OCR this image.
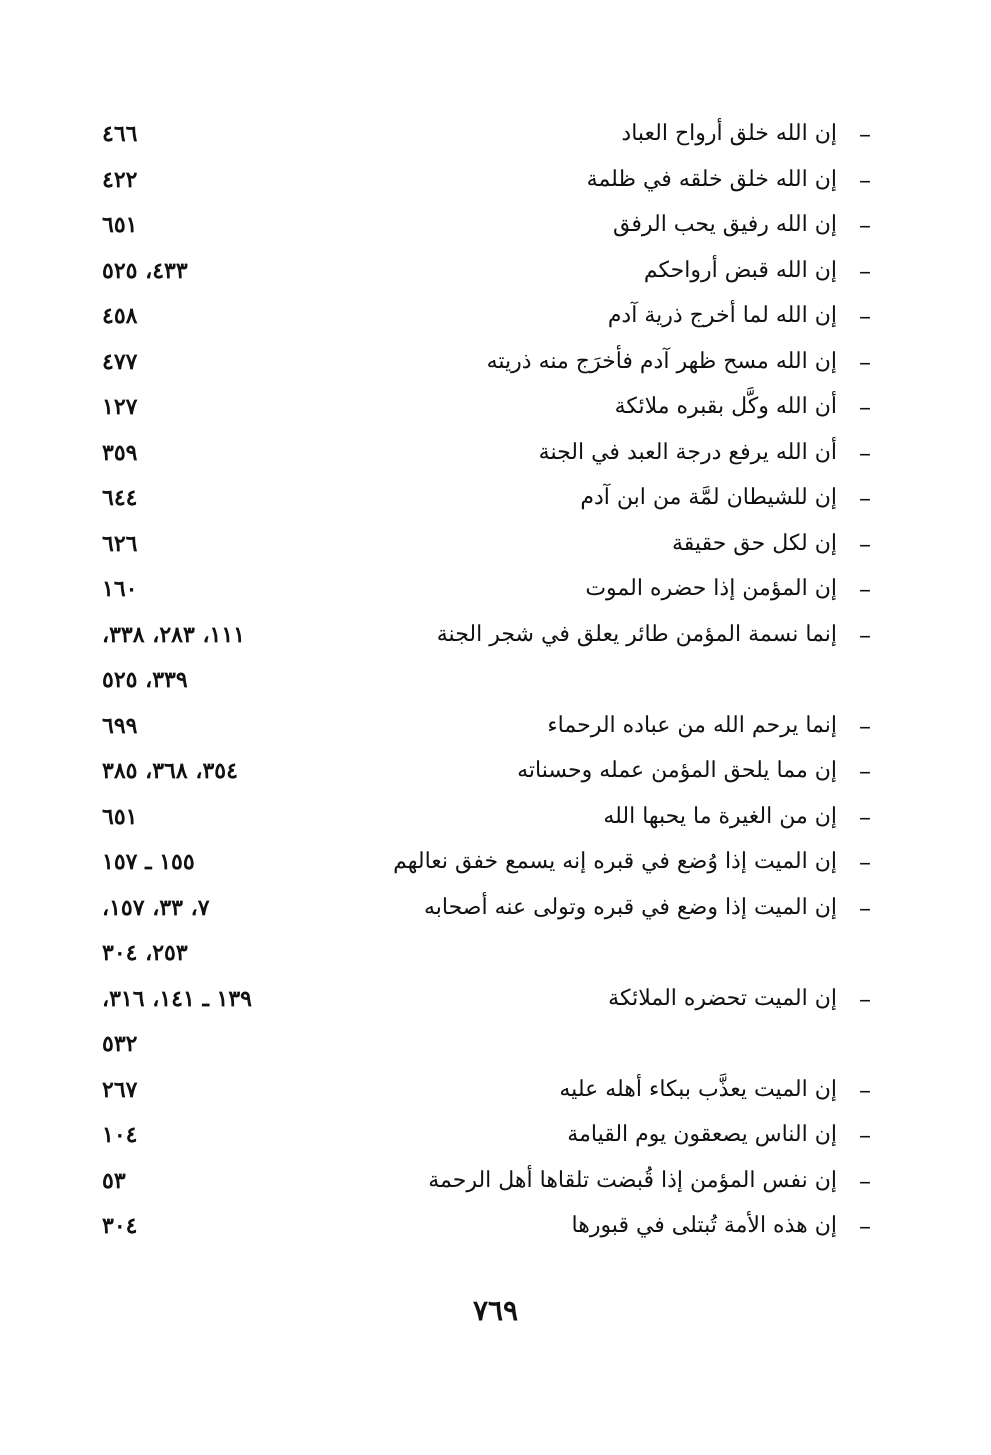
–
إن الله خلق أرواح العباد
٤٦٦
–
إن الله خلق خلقه في ظلمة
٤٢٢
–
إن الله رفيق يحب الرفق
٦٥١
–
إن الله قبض أرواحكم
٤٣٣، ٥٢٥
–
إن الله لما أخرج ذرية آدم
٤٥٨
–
إن الله مسح ظهر آدم فأخرَج منه ذريته
٤٧٧
–
أن الله وكَّل بقبره ملائكة
١٢٧
–
أن الله يرفع درجة العبد في الجنة
٣٥٩
–
إن للشيطان لمَّة من ابن آدم
٦٤٤
–
إن لكل حق حقيقة
٦٢٦
–
إن المؤمن إذا حضره الموت
١٦٠
–
إنما نسمة المؤمن طائر يعلق في شجر الجنة
١١١، ٢٨٣، ٣٣٨،
٣٣٩، ٥٢٥
–
إنما يرحم الله من عباده الرحماء
٦٩٩
–
إن مما يلحق المؤمن عمله وحسناته
٣٥٤، ٣٦٨، ٣٨٥
–
إن من الغيرة ما يحبها الله
٦٥١
–
إن الميت إذا وُضع في قبره إنه يسمع خفق نعالهم
١٥٥ ـ ١٥٧
–
إن الميت إذا وضع في قبره وتولى عنه أصحابه
٧، ٣٣، ١٥٧،
٢٥٣، ٣٠٤
–
إن الميت تحضره الملائكة
١٣٩ ـ ١٤١، ٣١٦،
٥٣٢
–
إن الميت يعذَّب ببكاء أهله عليه
٢٦٧
–
إن الناس يصعقون يوم القيامة
١٠٤
–
إن نفس المؤمن إذا قُبضت تلقاها أهل الرحمة
٥٣
–
إن هذه الأمة تُبتلى في قبورها
٣٠٤
٧٦٩
